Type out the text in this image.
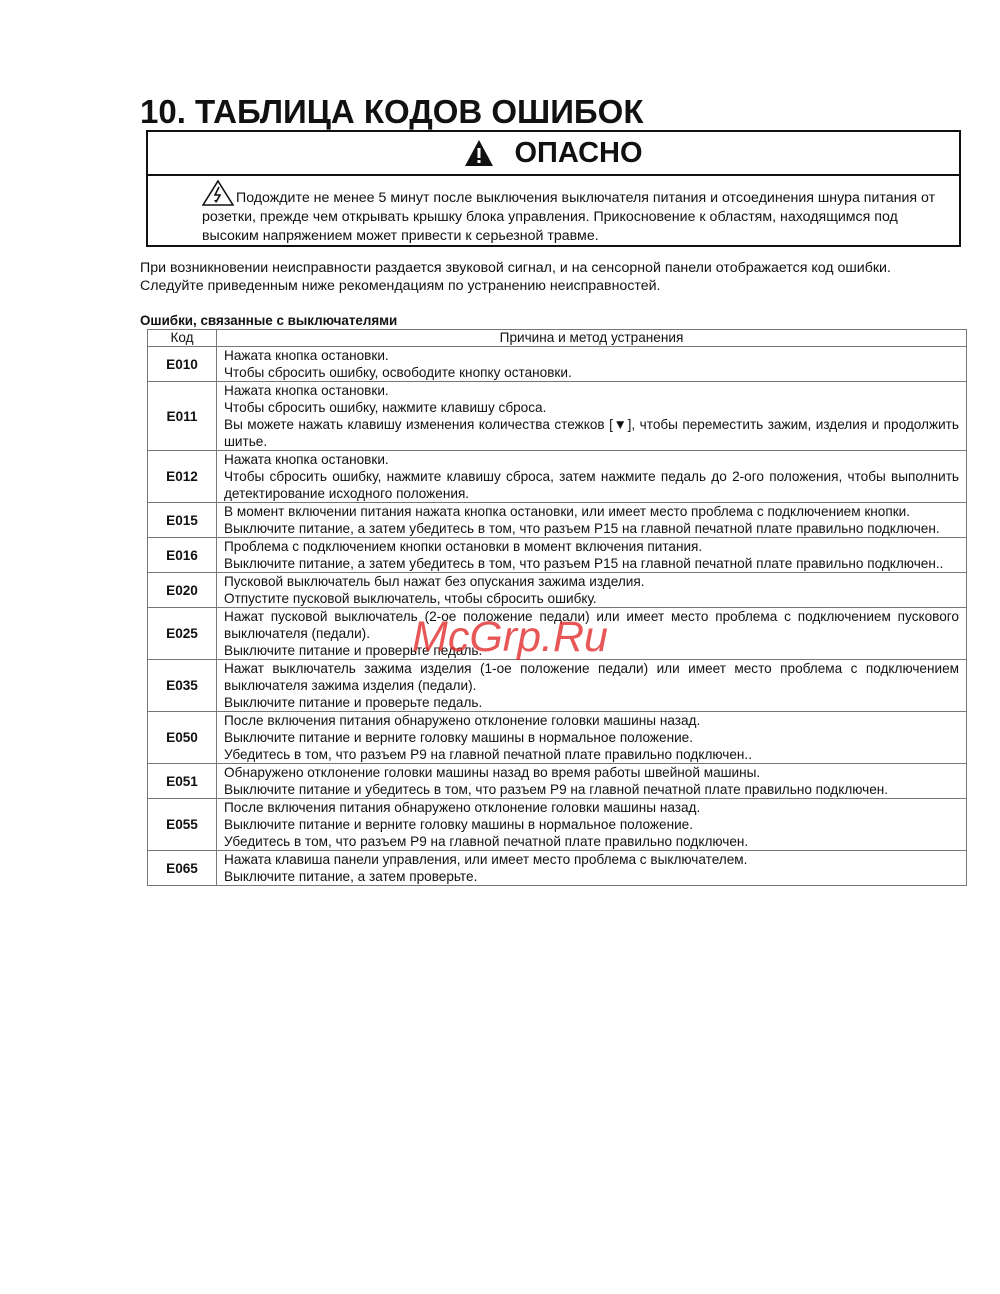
10. ТАБЛИЦА КОДОВ ОШИБОК
ОПАСНО
Подождите не менее 5 минут после выключения выключателя питания и отсоединения шнура питания от розетки, прежде чем открывать крышку блока управления. Прикосновение к областям, находящимся под высоким напряжением может привести к серьезной травме.

При возникновении неисправности раздается звуковой сигнал, и на сенсорной панели отображается код ошибки. Следуйте приведенным ниже рекомендациям по устранению неисправностей.

Ошибки, связанные с выключателями

Код	Причина и метод устранения
E010	Нажата кнопка остановки.
Чтобы сбросить ошибку, освободите кнопку остановки.

E011	Нажата кнопка остановки.
Чтобы сбросить ошибку, нажмите клавишу сброса.
Вы можете нажать клавишу изменения количества стежков [▼], чтобы переместить зажим, изделия и продолжить шитье.

E012	Нажата кнопка остановки.
Чтобы сбросить ошибку, нажмите клавишу сброса, затем нажмите педаль до 2-ого положения, чтобы выполнить детектирование исходного положения.

E015	В момент включении питания нажата кнопка остановки, или имеет место проблема с подключением кнопки.
Выключите питание, а затем убедитесь в том, что разъем P15 на главной печатной плате правильно подключен.

E016	Проблема с подключением кнопки остановки в момент включения питания.
Выключите питание, а затем убедитесь в том, что разъем P15 на главной печатной плате правильно подключен..

E020	Пусковой выключатель был нажат без опускания зажима изделия.
Отпустите пусковой выключатель, чтобы сбросить ошибку.

E025	Нажат пусковой выключатель (2-ое положение педали) или имеет место проблема с подключением пускового выключателя (педали).
Выключите питание и проверьте педаль.

E035	Нажат выключатель зажима изделия (1-ое положение педали) или имеет место проблема с подключением выключателя зажима изделия (педали).
Выключите питание и проверьте педаль.

E050	После включения питания обнаружено отклонение головки машины назад.
Выключите питание и верните головку машины в нормальное положение.
Убедитесь в том, что разъем P9 на главной печатной плате правильно подключен..

E051	Обнаружено отклонение головки машины назад во время работы швейной машины.
Выключите питание и убедитесь в том, что разъем P9 на главной печатной плате правильно подключен.

E055	После включения питания обнаружено отклонение головки машины назад.
Выключите питание и верните головку машины в нормальное положение.
Убедитесь в том, что разъем P9 на главной печатной плате правильно подключен.

E065	Нажата клавиша панели управления, или имеет место проблема с выключателем.
Выключите питание, а затем проверьте.
McGrp.Ru
